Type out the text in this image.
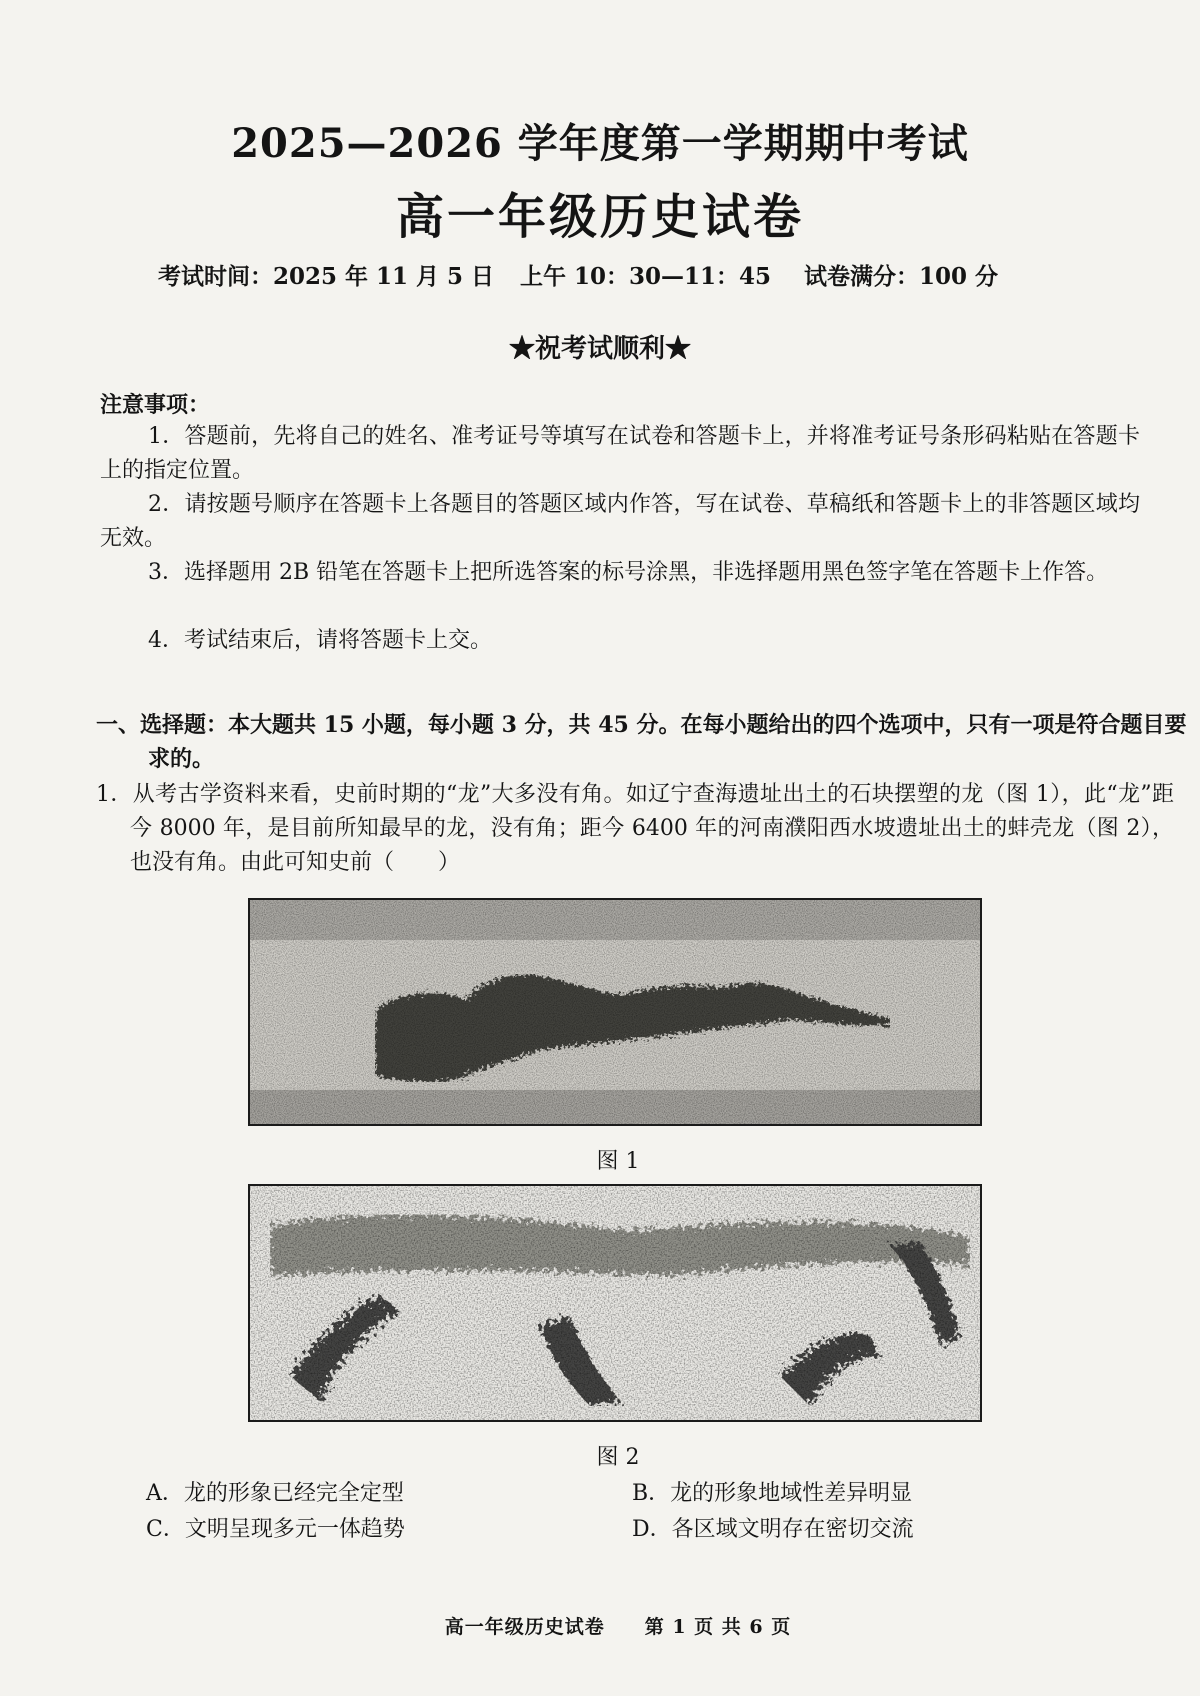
2025—2026 学年度第一学期期中考试
高一年级历史试卷
考试时间：2025 年 11 月 5 日 上午 10：30—11：45 试卷满分：100 分
★祝考试顺利★
注意事项：
1．答题前，先将自己的姓名、准考证号等填写在试卷和答题卡上，并将准考证号条形码粘贴在答题卡上的指定位置。
2．请按题号顺序在答题卡上各题目的答题区域内作答，写在试卷、草稿纸和答题卡上的非答题区域均无效。
3．选择题用 2B 铅笔在答题卡上把所选答案的标号涂黑，非选择题用黑色签字笔在答题卡上作答。
4．考试结束后，请将答题卡上交。
一、选择题：本大题共 15 小题，每小题 3 分，共 45 分。在每小题给出的四个选项中，只有一项是符合题目要求的。
1．从考古学资料来看，史前时期的“龙”大多没有角。如辽宁查海遗址出土的石块摆塑的龙（图 1），此“龙”距今 8000 年，是目前所知最早的龙，没有角；距今 6400 年的河南濮阳西水坡遗址出土的蚌壳龙（图 2），也没有角。由此可知史前（　　）
图 1
图 2
A．龙的形象已经完全定型	B．龙的形象地域性差异明显
C．文明呈现多元一体趋势	D．各区域文明存在密切交流
高一年级历史试卷　　第 1 页 共 6 页
